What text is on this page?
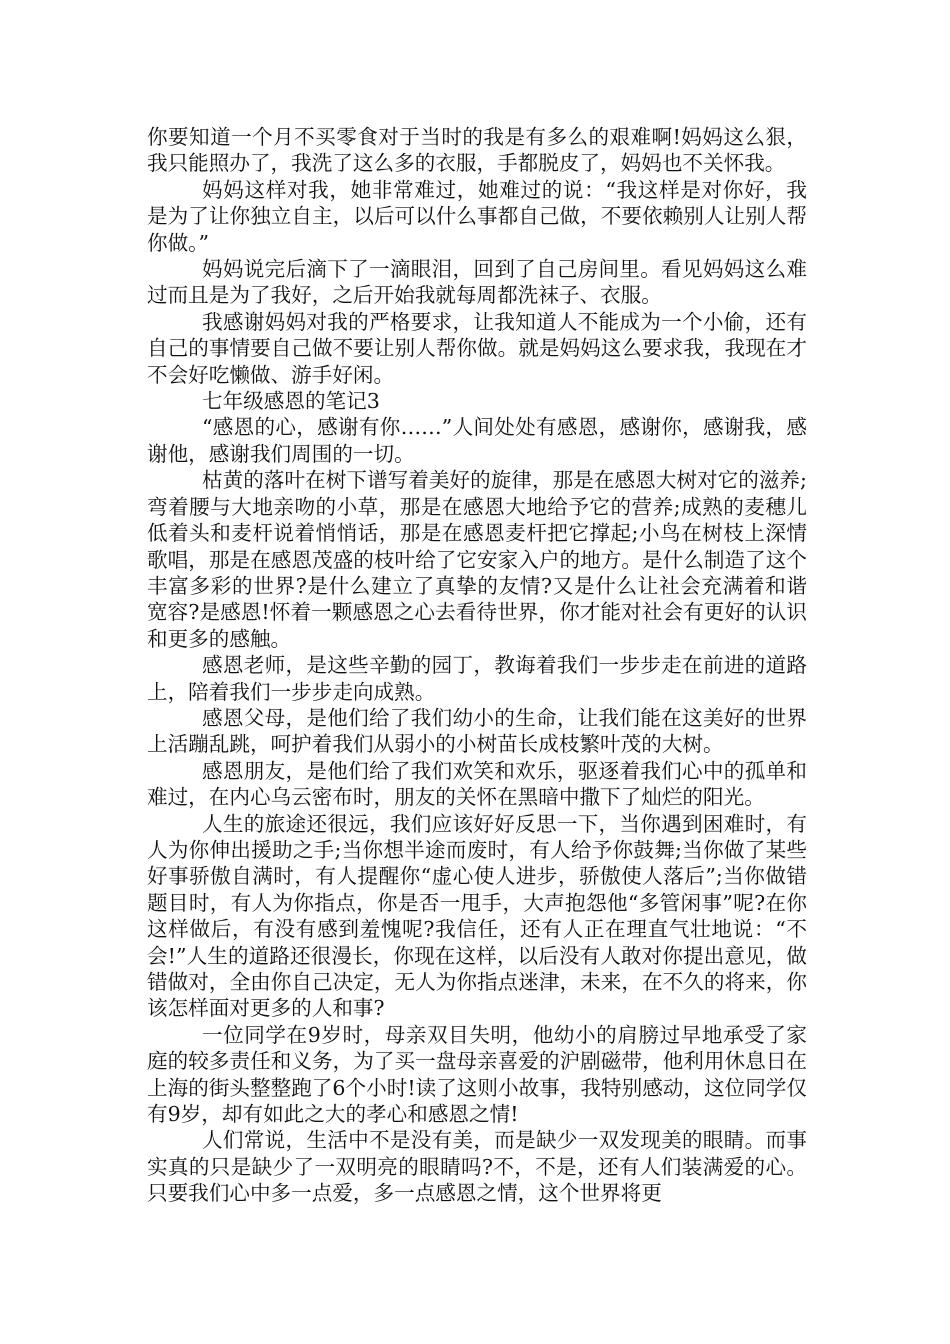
你要知道一个月不买零食对于当时的我是有多么的艰难啊!妈妈这么狠，我只能照办了，我洗了这么多的衣服，手都脱皮了，妈妈也不关怀我。

妈妈这样对我，她非常难过，她难过的说：“我这样是对你好，我是为了让你独立自主，以后可以什么事都自己做，不要依赖别人让别人帮你做。”

妈妈说完后滴下了一滴眼泪，回到了自己房间里。看见妈妈这么难过而且是为了我好，之后开始我就每周都洗袜子、衣服。

我感谢妈妈对我的严格要求，让我知道人不能成为一个小偷，还有自己的事情要自己做不要让别人帮你做。就是妈妈这么要求我，我现在才不会好吃懒做、游手好闲。

七年级感恩的笔记3

“感恩的心，感谢有你……”人间处处有感恩，感谢你，感谢我，感谢他，感谢我们周围的一切。

枯黄的落叶在树下谱写着美好的旋律，那是在感恩大树对它的滋养;弯着腰与大地亲吻的小草，那是在感恩大地给予它的营养;成熟的麦穗儿低着头和麦杆说着悄悄话，那是在感恩麦杆把它撑起;小鸟在树枝上深情歌唱，那是在感恩茂盛的枝叶给了它安家入户的地方。是什么制造了这个丰富多彩的世界?是什么建立了真挚的友情?又是什么让社会充满着和谐宽容?是感恩!怀着一颗感恩之心去看待世界，你才能对社会有更好的认识和更多的感触。

感恩老师，是这些辛勤的园丁，教诲着我们一步步走在前进的道路上，陪着我们一步步走向成熟。

感恩父母，是他们给了我们幼小的生命，让我们能在这美好的世界上活蹦乱跳，呵护着我们从弱小的小树苗长成枝繁叶茂的大树。

感恩朋友，是他们给了我们欢笑和欢乐，驱逐着我们心中的孤单和难过，在内心乌云密布时，朋友的关怀在黑暗中撒下了灿烂的阳光。

人生的旅途还很远，我们应该好好反思一下，当你遇到困难时，有人为你伸出援助之手;当你想半途而废时，有人给予你鼓舞;当你做了某些好事骄傲自满时，有人提醒你“虚心使人进步，骄傲使人落后”;当你做错题目时，有人为你指点，你是否一甩手，大声抱怨他“多管闲事”呢?在你这样做后，有没有感到羞愧呢?我信任，还有人正在理直气壮地说：“不会!”人生的道路还很漫长，你现在这样，以后没有人敢对你提出意见，做错做对，全由你自己决定，无人为你指点迷津，未来，在不久的将来，你该怎样面对更多的人和事?

一位同学在9岁时，母亲双目失明，他幼小的肩膀过早地承受了家庭的较多责任和义务，为了买一盘母亲喜爱的沪剧磁带，他利用休息日在上海的街头整整跑了6个小时!读了这则小故事，我特别感动，这位同学仅有9岁，却有如此之大的孝心和感恩之情!

人们常说，生活中不是没有美，而是缺少一双发现美的眼睛。而事实真的只是缺少了一双明亮的眼睛吗?不，不是，还有人们装满爱的心。只要我们心中多一点爱，多一点感恩之情，这个世界将更
